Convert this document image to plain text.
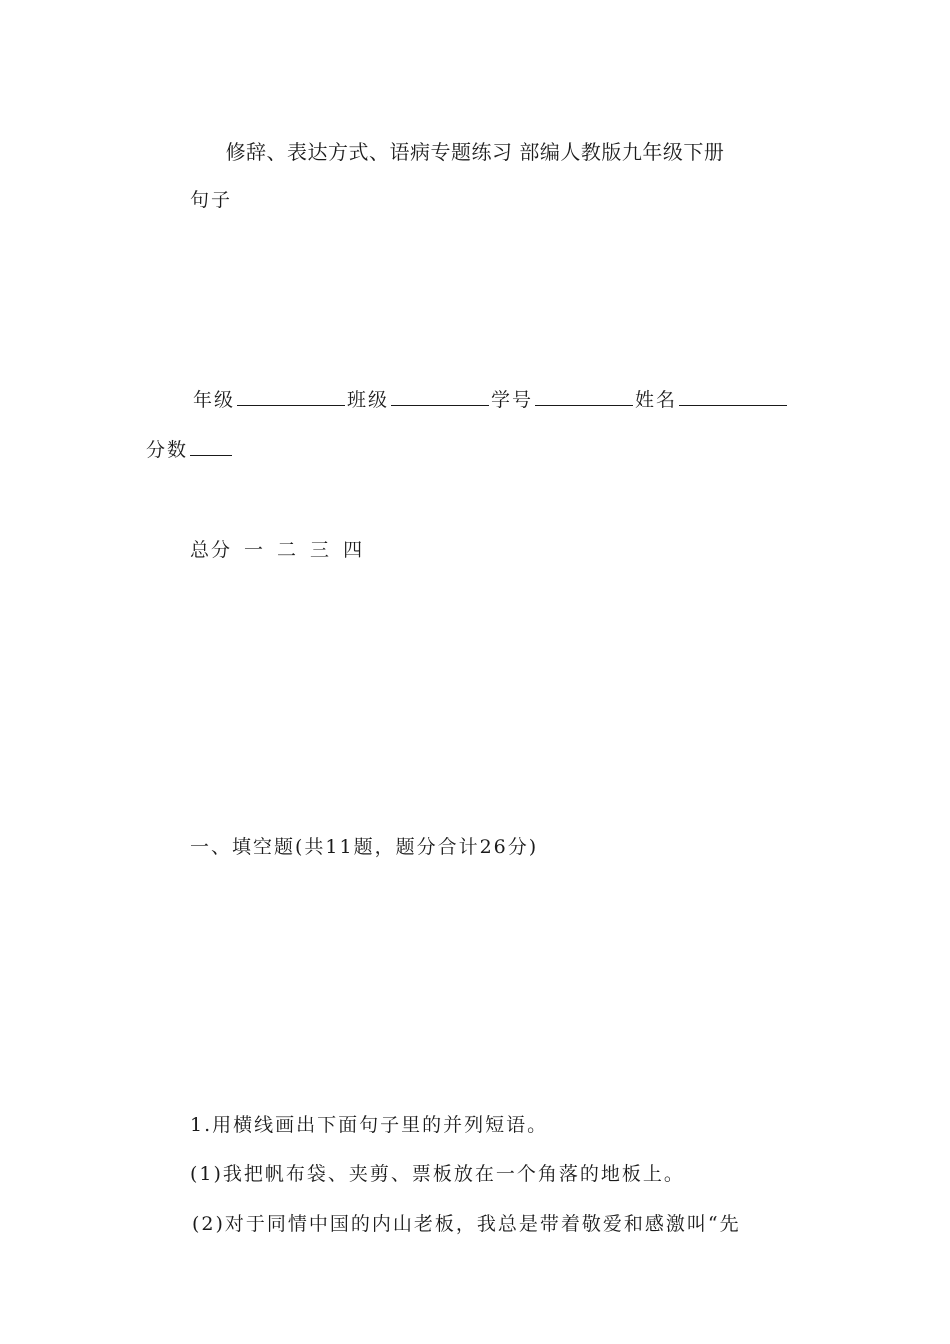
修辞、表达方式、语病专题练习 部编人教版九年级下册
句子
年级	班级	学号	姓名
分数
总分 一 二 三 四
一、填空题(共11题，题分合计26分)
1.用横线画出下面句子里的并列短语。
(1)我把帆布袋、夹剪、票板放在一个角落的地板上。
(2)对于同情中国的内山老板，我总是带着敬爱和感激叫“先
